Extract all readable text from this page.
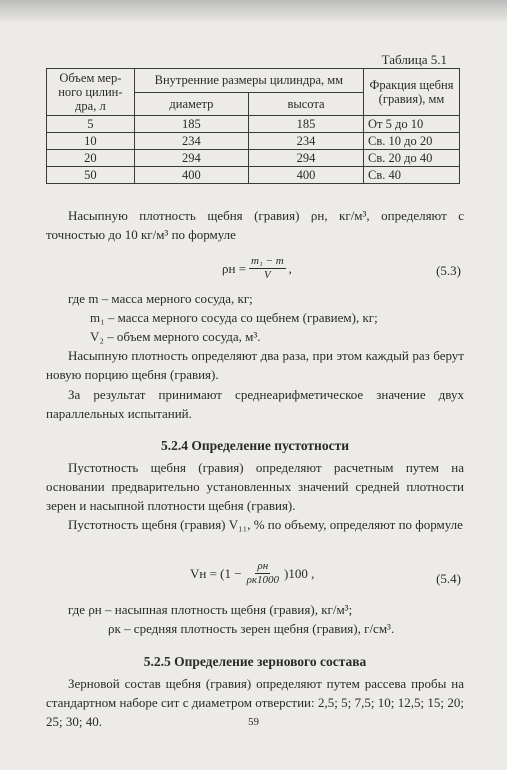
Таблица 5.1
Объем мер-ного цилин-дра, л	Внутренние размеры цилиндра, мм		Фракция щебня (гравия), мм
	диаметр	высота	
5	185	185	От 5 до 10
10	234	234	Св. 10 до 20
20	294	294	Св. 20 до 40
50	400	400	Св. 40

Насыпную плотность щебня (гравия) ρн, кг/м³, определяют с точностью до 10 кг/м³ по формуле

$\rho н = \frac{\text{m₁ − m}}{V}$ ,	(5.3)
где m – масса мерного сосуда, кг;
m₁ – масса мерного сосуда со щебнем (гравием), кг;
V₂ – объем мерного сосуда, м³.

Насыпную плотность определяют два раза, при этом каждый раз берут новую порцию щебня (гравия).

За результат принимают среднеарифметическое значение двух параллельных испытаний.

5.2.4 Определение пустотности

Пустотность щебня (гравия) определяют расчетным путем на основании предварительно установленных значений средней плотности зерен и насыпной плотности щебня (гравия).

Пустотность щебня (гравия) V₁₁, % по объему, определяют по формуле

Vн = $(1 - \frac{\rho н}{\rho к1000} )100$ ,	(5.4)
где ρн – насыпная плотность щебня (гравия), кг/м³;
ρк – средняя плотность зерен щебня (гравия), г/см³.
5.2.5 Определение зернового состава

Зерновой состав щебня (гравия) определяют путем рассева пробы на стандартном наборе сит с диаметром отверстии: 2,5; 5; 7,5; 10; 12,5; 15; 20; 25; 30; 40.	59
